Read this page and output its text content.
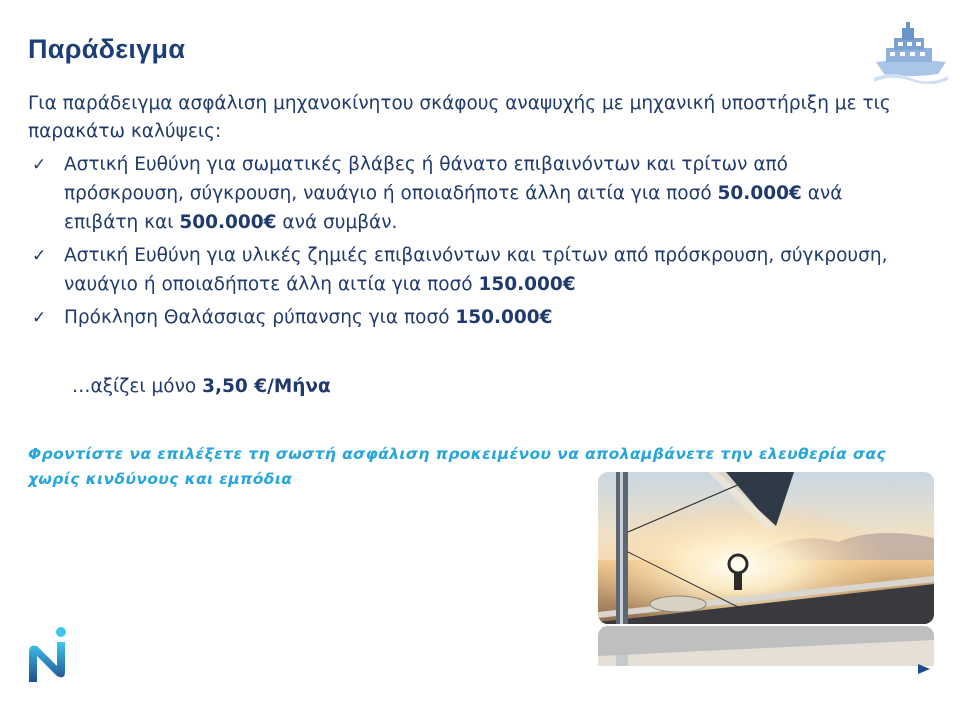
Παράδειγμα
Για παράδειγμα ασφάλιση μηχανοκίνητου σκάφους αναψυχής με μηχανική υποστήριξη με τις παρακάτω καλύψεις:
✓ Αστική Ευθύνη για σωματικές βλάβες ή θάνατο επιβαινόντων και τρίτων από πρόσκρουση, σύγκρουση, ναυάγιο ή οποιαδήποτε άλλη αιτία για ποσό 50.000€ ανά επιβάτη και 500.000€ ανά συμβάν.
✓ Αστική Ευθύνη για υλικές ζημιές επιβαινόντων και τρίτων από πρόσκρουση, σύγκρουση, ναυάγιο ή οποιαδήποτε άλλη αιτία για ποσό 150.000€
✓ Πρόκληση Θαλάσσιας ρύπανσης για ποσό 150.000€
…αξίζει μόνο 3,50 €/Μήνα
Φροντίστε να επιλέξετε τη σωστή ασφάλιση προκειμένου να απολαμβάνετε την ελευθερία σας χωρίς κινδύνους και εμπόδια
